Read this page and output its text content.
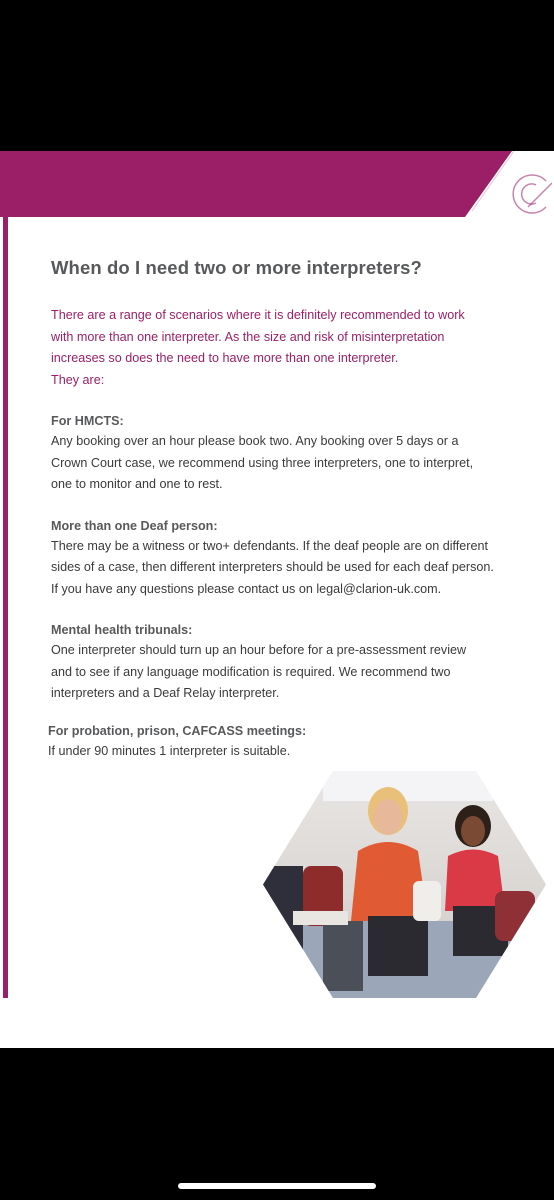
When do I need two or more interpreters?

There are a range of scenarios where it is definitely recommended to work
with more than one interpreter. As the size and risk of misinterpretation
increases so does the need to have more than one interpreter.
They are:

For HMCTS:

Any booking over an hour please book two. Any booking over 5 days or a
Crown Court case, we recommend using three interpreters, one to interpret,
one to monitor and one to rest.

More than one Deaf person:

There may be a witness or two+ defendants. If the deaf people are on different
sides of a case, then different interpreters should be used for each deaf person.
If you have any questions please contact us on legal@clarion-uk.com.

Mental health tribunals:

One interpreter should turn up an hour before for a pre-assessment review
and to see if any language modification is required. We recommend two
interpreters and a Deaf Relay interpreter.

For probation, prison, CAFCASS meetings:

If under 90 minutes 1 interpreter is suitable.
